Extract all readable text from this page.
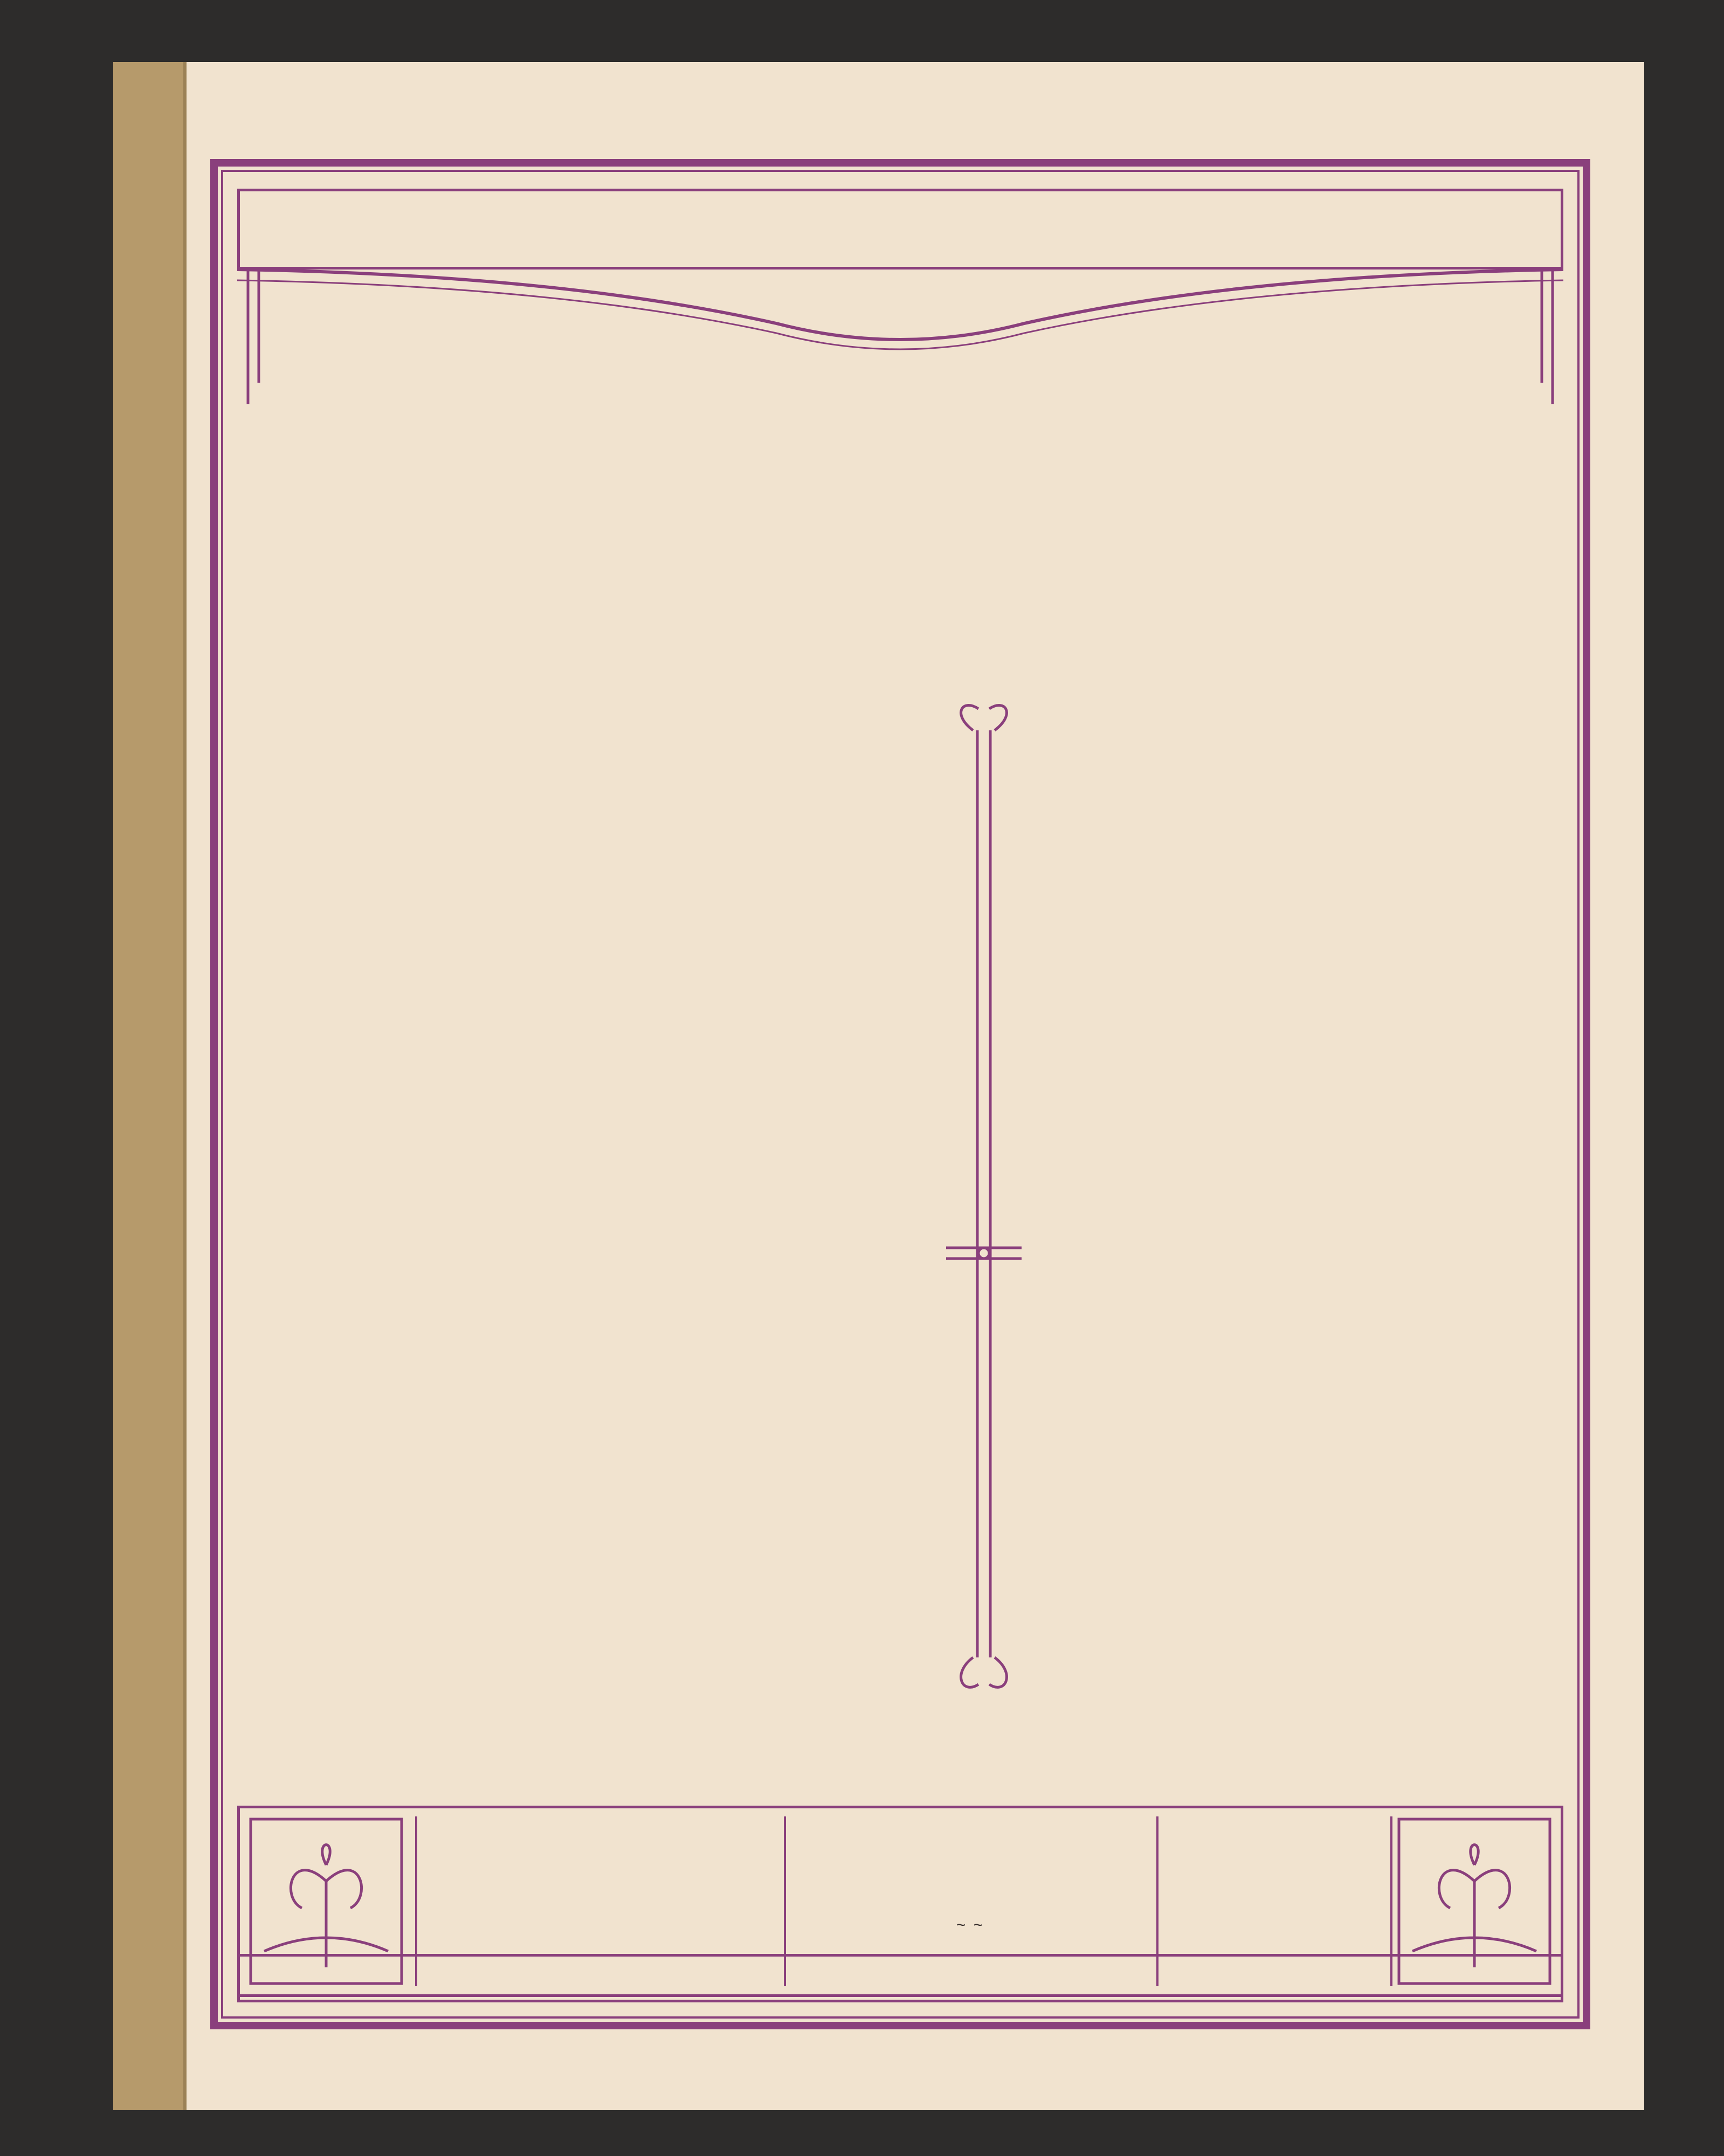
~ ~
